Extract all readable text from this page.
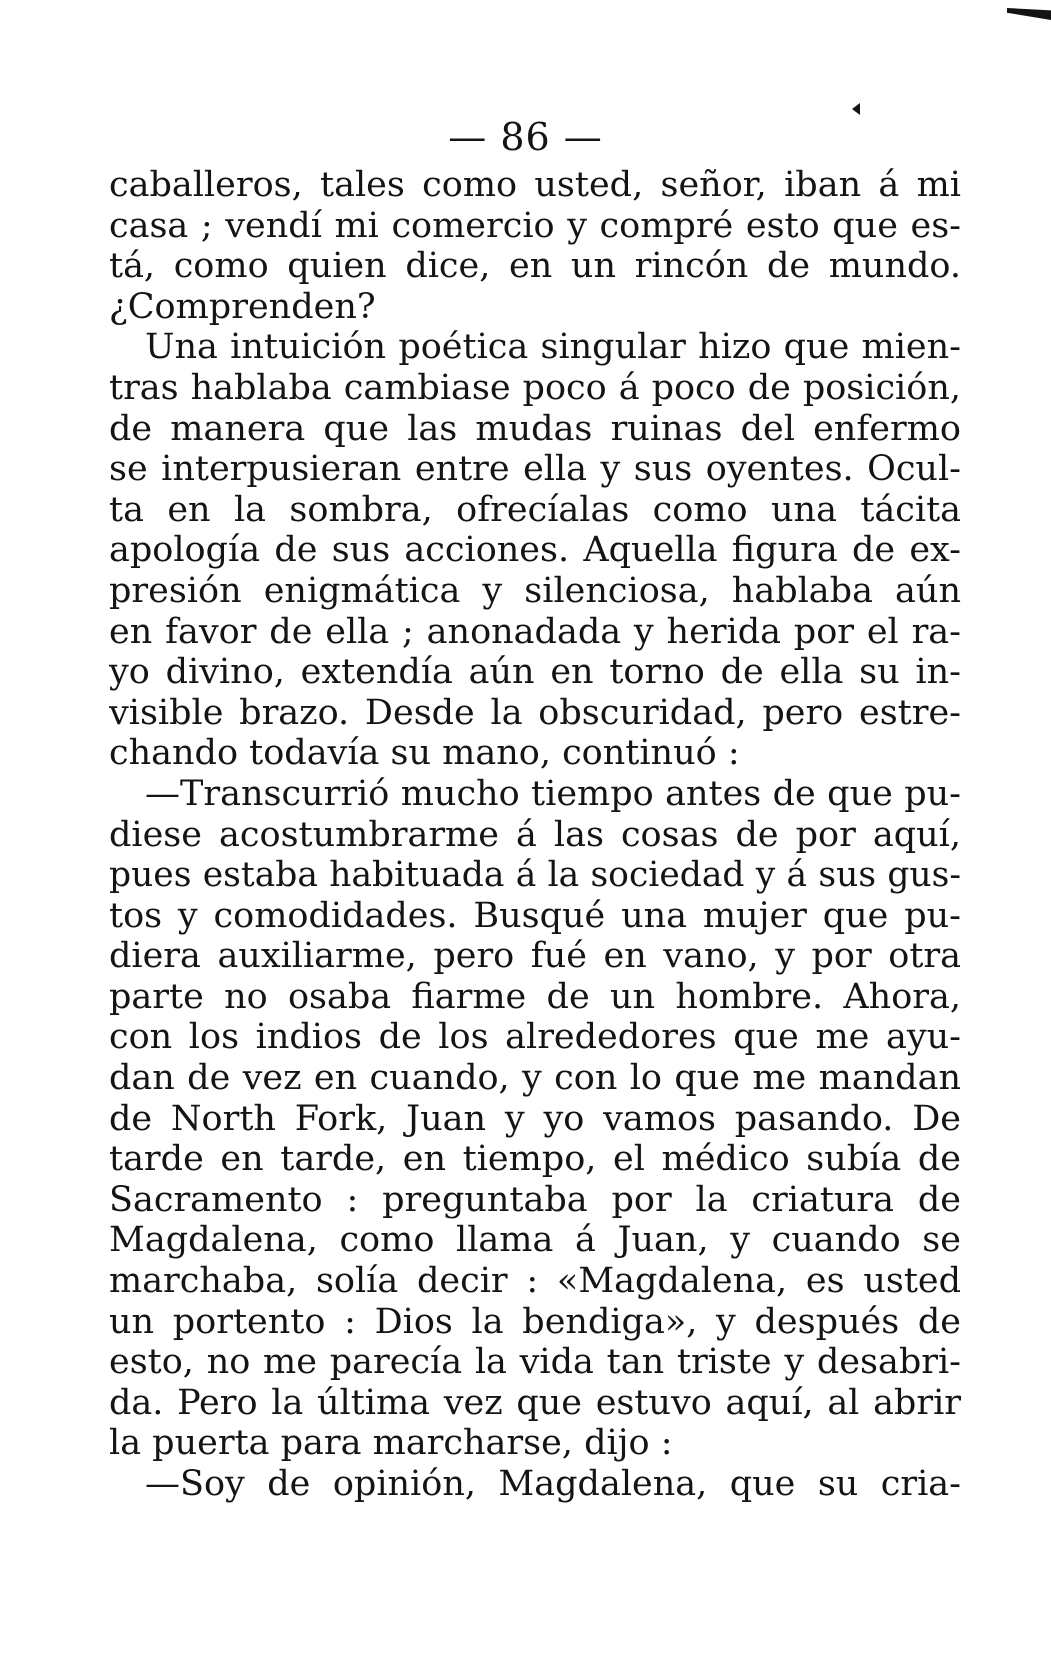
— 86 —
caballeros, tales como usted, señor, iban á mi
casa ; vendí mi comercio y compré esto que es-
tá, como quien dice, en un rincón de mundo.
¿Comprenden?
Una intuición poética singular hizo que mien-
tras hablaba cambiase poco á poco de posición,
de manera que las mudas ruinas del enfermo
se interpusieran entre ella y sus oyentes. Ocul-
ta en la sombra, ofrecíalas como una tácita
apología de sus acciones. Aquella figura de ex-
presión enigmática y silenciosa, hablaba aún
en favor de ella ; anonadada y herida por el ra-
yo divino, extendía aún en torno de ella su in-
visible brazo. Desde la obscuridad, pero estre-
chando todavía su mano, continuó :
—Transcurrió mucho tiempo antes de que pu-
diese acostumbrarme á las cosas de por aquí,
pues estaba habituada á la sociedad y á sus gus-
tos y comodidades. Busqué una mujer que pu-
diera auxiliarme, pero fué en vano, y por otra
parte no osaba fiarme de un hombre. Ahora,
con los indios de los alrededores que me ayu-
dan de vez en cuando, y con lo que me mandan
de North Fork, Juan y yo vamos pasando. De
tarde en tarde, en tiempo, el médico subía de
Sacramento : preguntaba por la criatura de
Magdalena, como llama á Juan, y cuando se
marchaba, solía decir : «Magdalena, es usted
un portento : Dios la bendiga», y después de
esto, no me parecía la vida tan triste y desabri-
da. Pero la última vez que estuvo aquí, al abrir
la puerta para marcharse, dijo :
—Soy de opinión, Magdalena, que su cria-
